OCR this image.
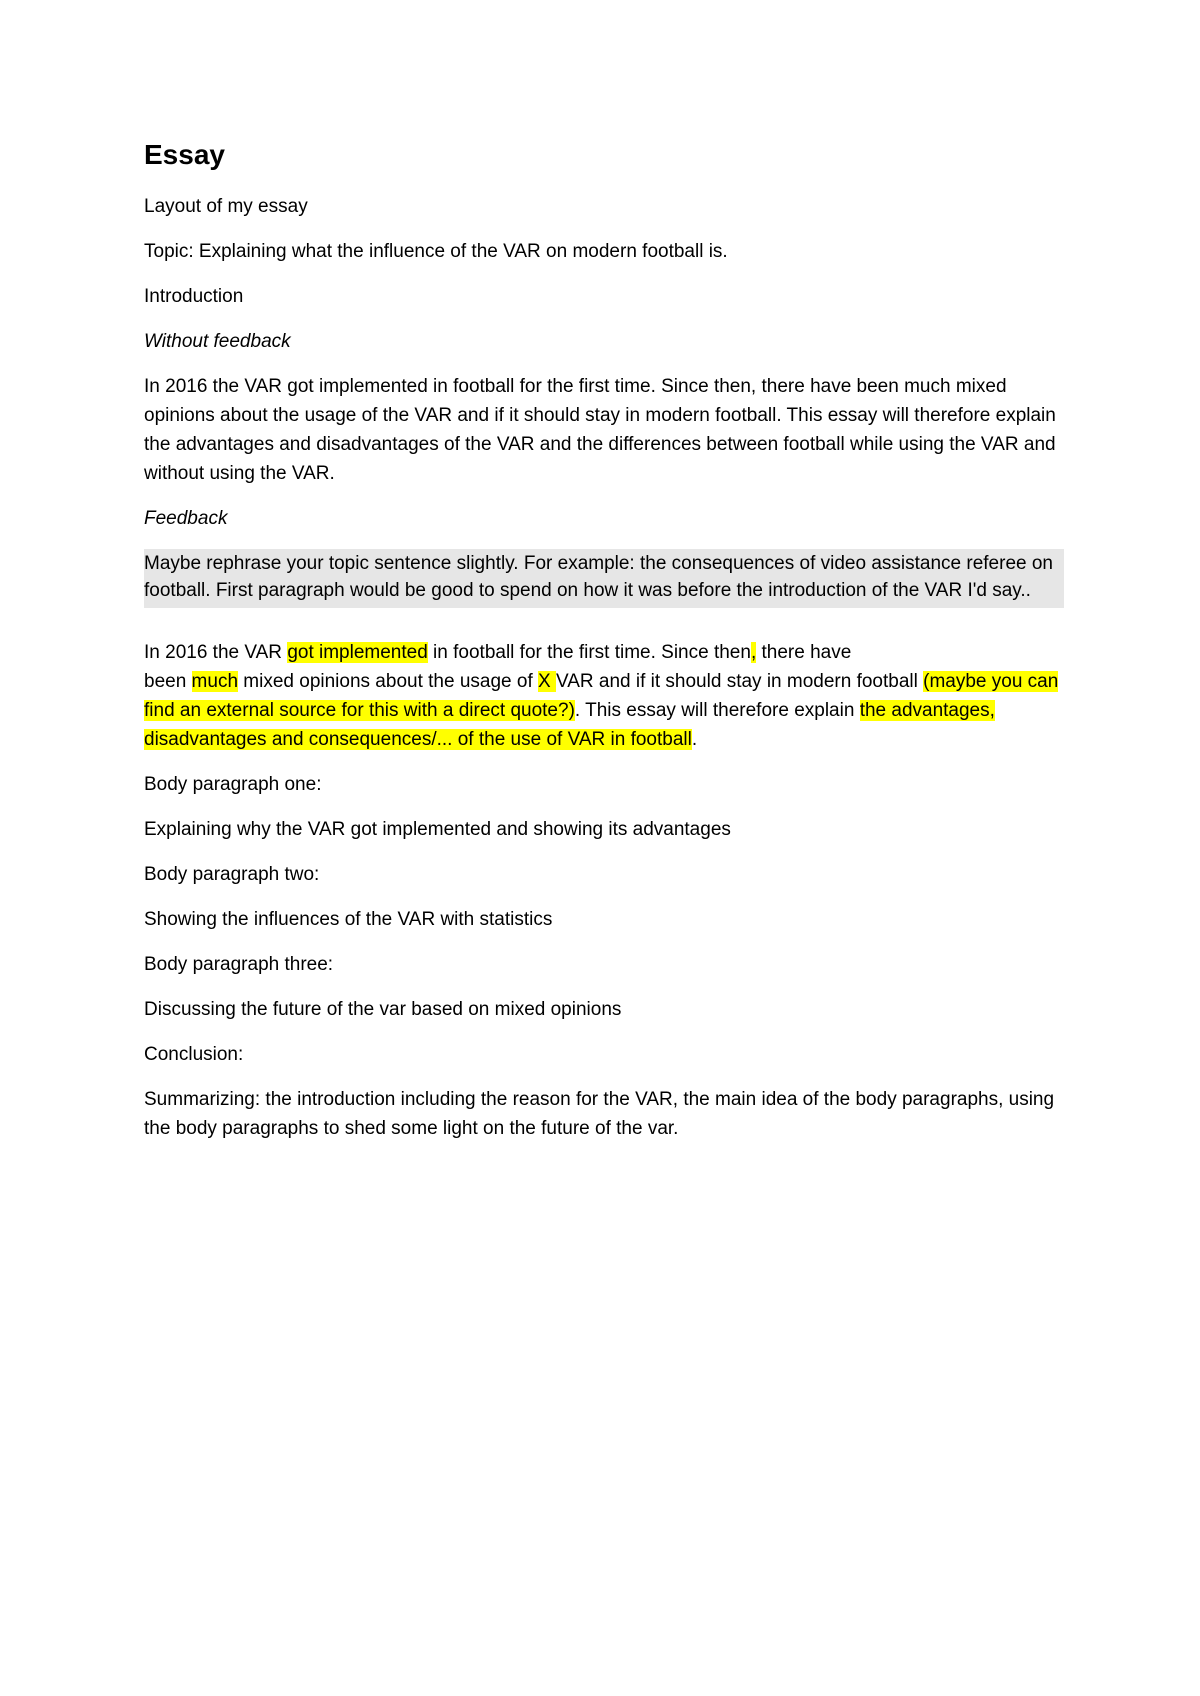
Essay

Layout of my essay

Topic: Explaining what the influence of the VAR on modern football is.

Introduction

Without feedback

In 2016 the VAR got implemented in football for the first time. Since then, there have been much mixed opinions about the usage of the VAR and if it should stay in modern football. This essay will therefore explain the advantages and disadvantages of the VAR and the differences between football while using the VAR and without using the VAR.

Feedback

Maybe rephrase your topic sentence slightly. For example: the consequences of video assistance referee on football. First paragraph would be good to spend on how it was before the introduction of the VAR I'd say..

In 2016 the VAR got implemented in football for the first time. Since then, there have
been much mixed opinions about the usage of X VAR and if it should stay in modern football (maybe you can find an external source for this with a direct quote?). This essay will therefore explain the advantages, disadvantages and consequences/... of the use of VAR in football.

Body paragraph one:

Explaining why the VAR got implemented and showing its advantages

Body paragraph two:

Showing the influences of the VAR with statistics

Body paragraph three:

Discussing the future of the var based on mixed opinions

Conclusion:

Summarizing: the introduction including the reason for the VAR, the main idea of the body paragraphs, using the body paragraphs to shed some light on the future of the var.
